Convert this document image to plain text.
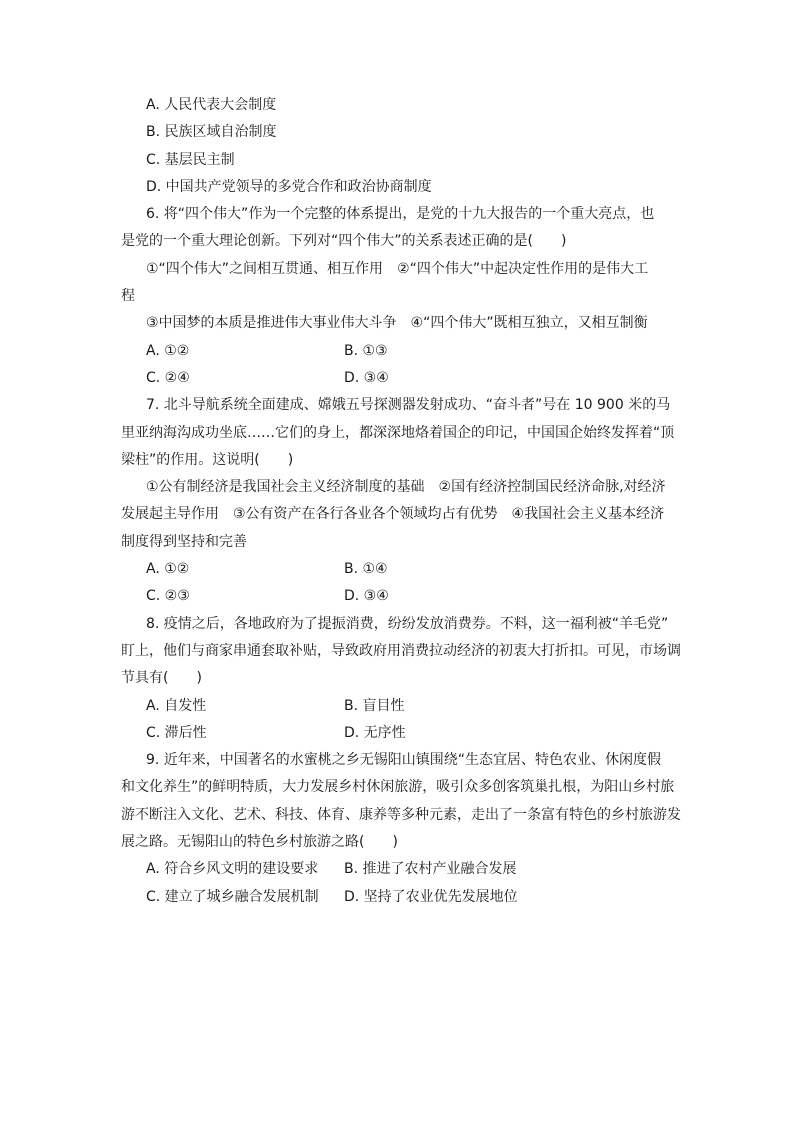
A. 人民代表大会制度
B. 民族区域自治制度
C. 基层民主制
D. 中国共产党领导的多党合作和政治协商制度
6. 将“四个伟大”作为一个完整的体系提出，是党的十九大报告的一个重大亮点，也
是党的一个重大理论创新。下列对“四个伟大”的关系表述正确的是(　　)
①“四个伟大”之间相互贯通、相互作用　②“四个伟大”中起决定性作用的是伟大工
程
③中国梦的本质是推进伟大事业伟大斗争　④“四个伟大”既相互独立，又相互制衡
A. ①②	B. ①③
C. ②④	D. ③④
7. 北斗导航系统全面建成、嫦娥五号探测器发射成功、“奋斗者”号在 10 900 米的马
里亚纳海沟成功坐底……它们的身上，都深深地烙着国企的印记，中国国企始终发挥着“顶
梁柱”的作用。这说明(　　)
①公有制经济是我国社会主义经济制度的基础　②国有经济控制国民经济命脉,对经济
发展起主导作用　③公有资产在各行各业各个领域均占有优势　④我国社会主义基本经济
制度得到坚持和完善
A. ①②	B. ①④
C. ②③	D. ③④
8. 疫情之后，各地政府为了提振消费，纷纷发放消费券。不料，这一福利被“羊毛党”
盯上，他们与商家串通套取补贴，导致政府用消费拉动经济的初衷大打折扣。可见，市场调
节具有(　　)
A. 自发性	B. 盲目性
C. 滞后性	D. 无序性
9. 近年来，中国著名的水蜜桃之乡无锡阳山镇围绕“生态宜居、特色农业、休闲度假
和文化养生”的鲜明特质，大力发展乡村休闲旅游，吸引众多创客筑巢扎根，为阳山乡村旅
游不断注入文化、艺术、科技、体育、康养等多种元素，走出了一条富有特色的乡村旅游发
展之路。无锡阳山的特色乡村旅游之路(　　)
A. 符合乡风文明的建设要求	B. 推进了农村产业融合发展
C. 建立了城乡融合发展机制	D. 坚持了农业优先发展地位
